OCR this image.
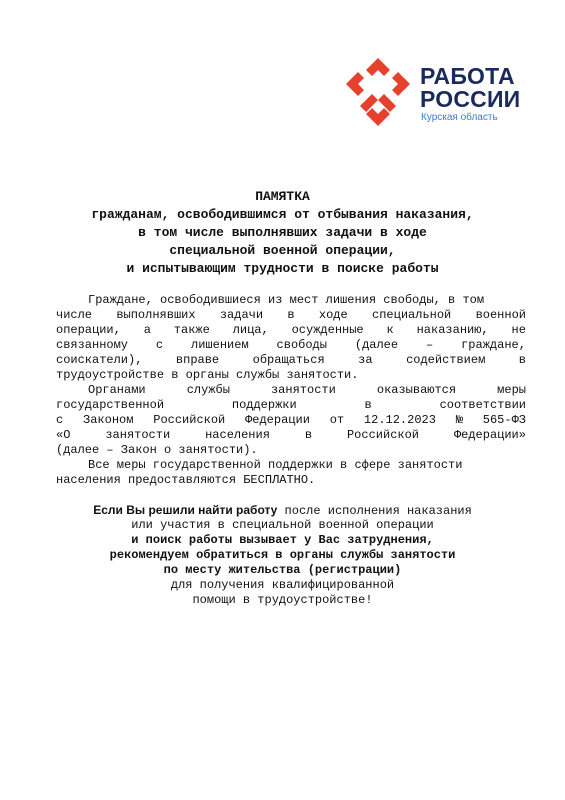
РАБОТА
РОССИИ
Курская область
ПАМЯТКА
гражданам, освободившимся от отбывания наказания,
в том числе выполнявших задачи в ходе
специальной военной операции,
и испытывающим трудности в поиске работы
Граждане, освободившиеся из мест лишения свободы, в том
числе выполнявших задачи в ходе специальной военной
операции, а также лица, осужденные к наказанию, не
связанному с лишением свободы (далее – граждане,
соискатели),	вправе	обращаться	за	содействием	в
трудоустройстве в органы службы занятости.
Органами	службы	занятости	оказываются	меры
государственной	поддержки	в	соответствии
с Законом Российской Федерации от 12.12.2023 № 565-ФЗ
«О	занятости	населения	в	Российской	Федерации»
(далее – Закон о занятости).
Все меры государственной поддержки в сфере занятости
населения предоставляются БЕСПЛАТНО.
Если Вы решили найти работу после исполнения наказания
или участия в специальной военной операции
и поиск работы вызывает у Вас затруднения,
рекомендуем обратиться в органы службы занятости
по месту жительства (регистрации)
для получения квалифицированной
помощи в трудоустройстве!
